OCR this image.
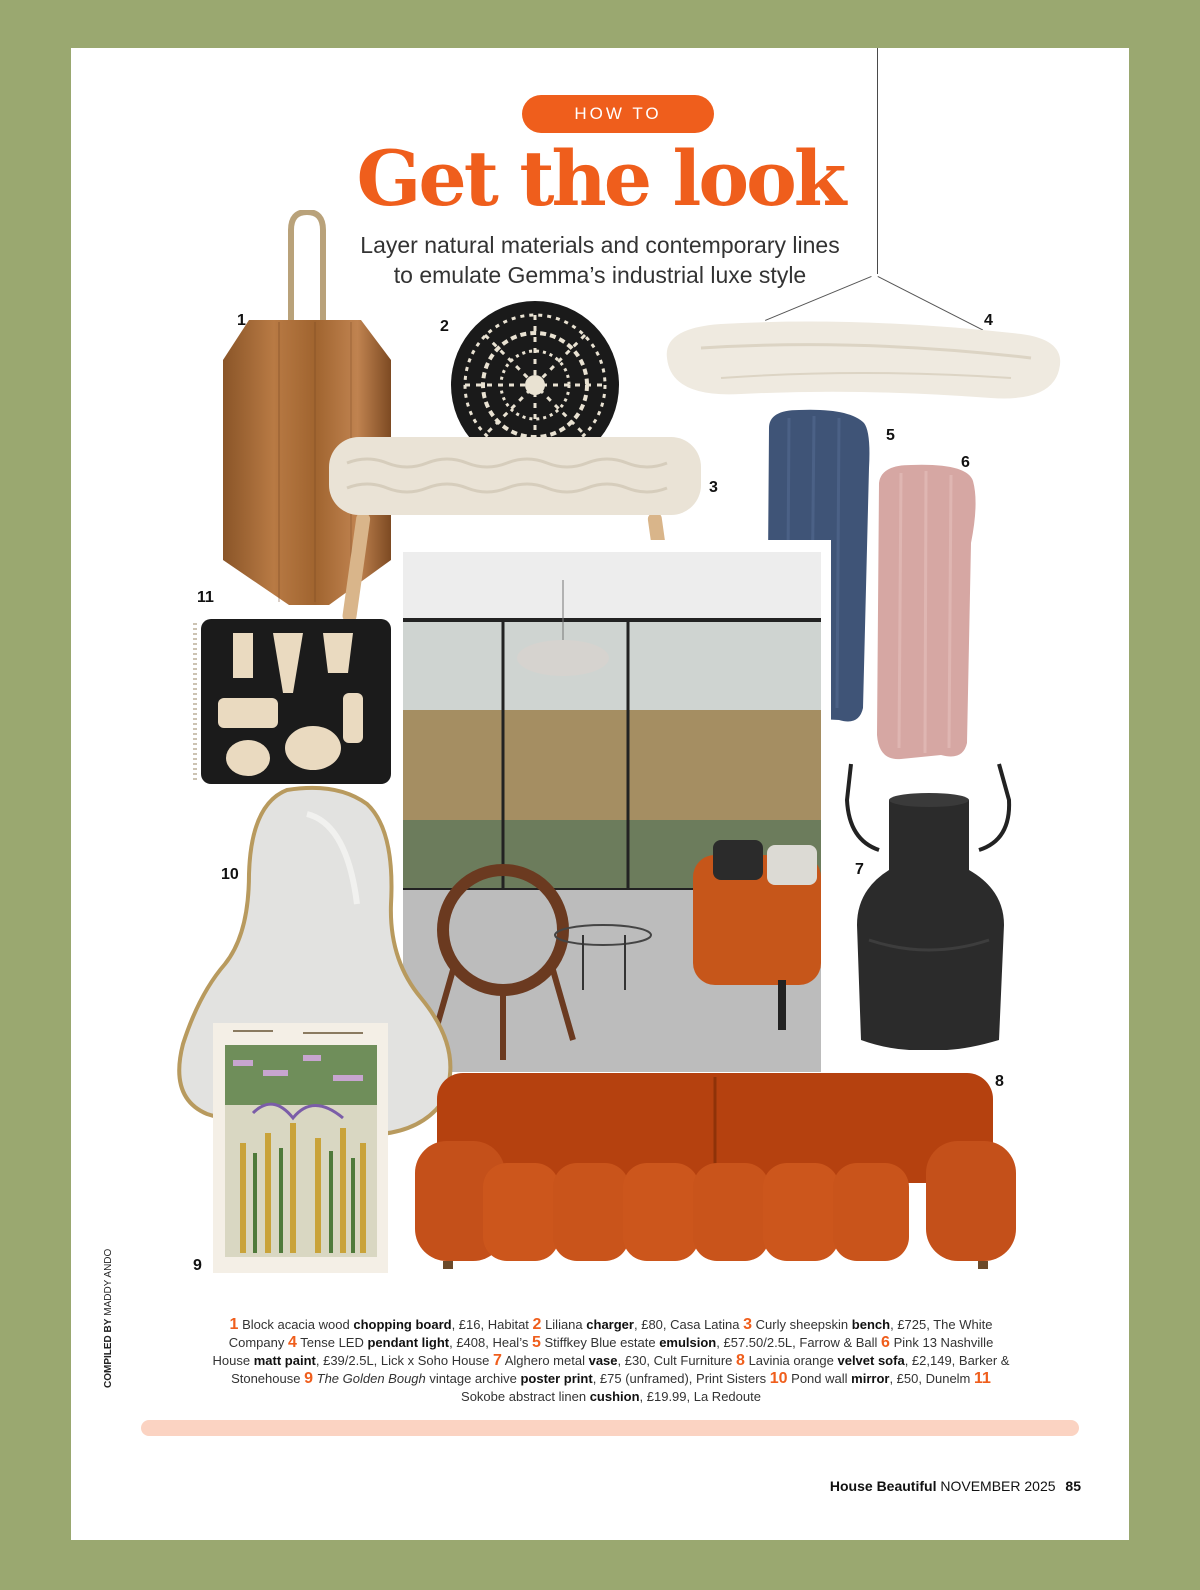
HOW TO
Get the look
Layer natural materials and contemporary lines
to emulate Gemma’s industrial luxe style
1	2
3
4
5
6
7
8
9
10
11
1 Block acacia wood chopping board, £16, Habitat 2 Liliana charger, £80, Casa Latina 3 Curly sheepskin bench, £725, The White Company 4 Tense LED pendant light, £408, Heal’s 5 Stiffkey Blue estate emulsion, £57.50/2.5L, Farrow & Ball 6 Pink 13 Nashville House matt paint, £39/2.5L, Lick x Soho House 7 Alghero metal vase, £30, Cult Furniture 8 Lavinia orange velvet sofa, £2,149, Barker & Stonehouse 9 The Golden Bough vintage archive poster print, £75 (unframed), Print Sisters 10 Pond wall mirror, £50, Dunelm 11 Sokobe abstract linen cushion, £19.99, La Redoute
COMPILED BY MADDY ANDO
House Beautiful NOVEMBER 2025 85
